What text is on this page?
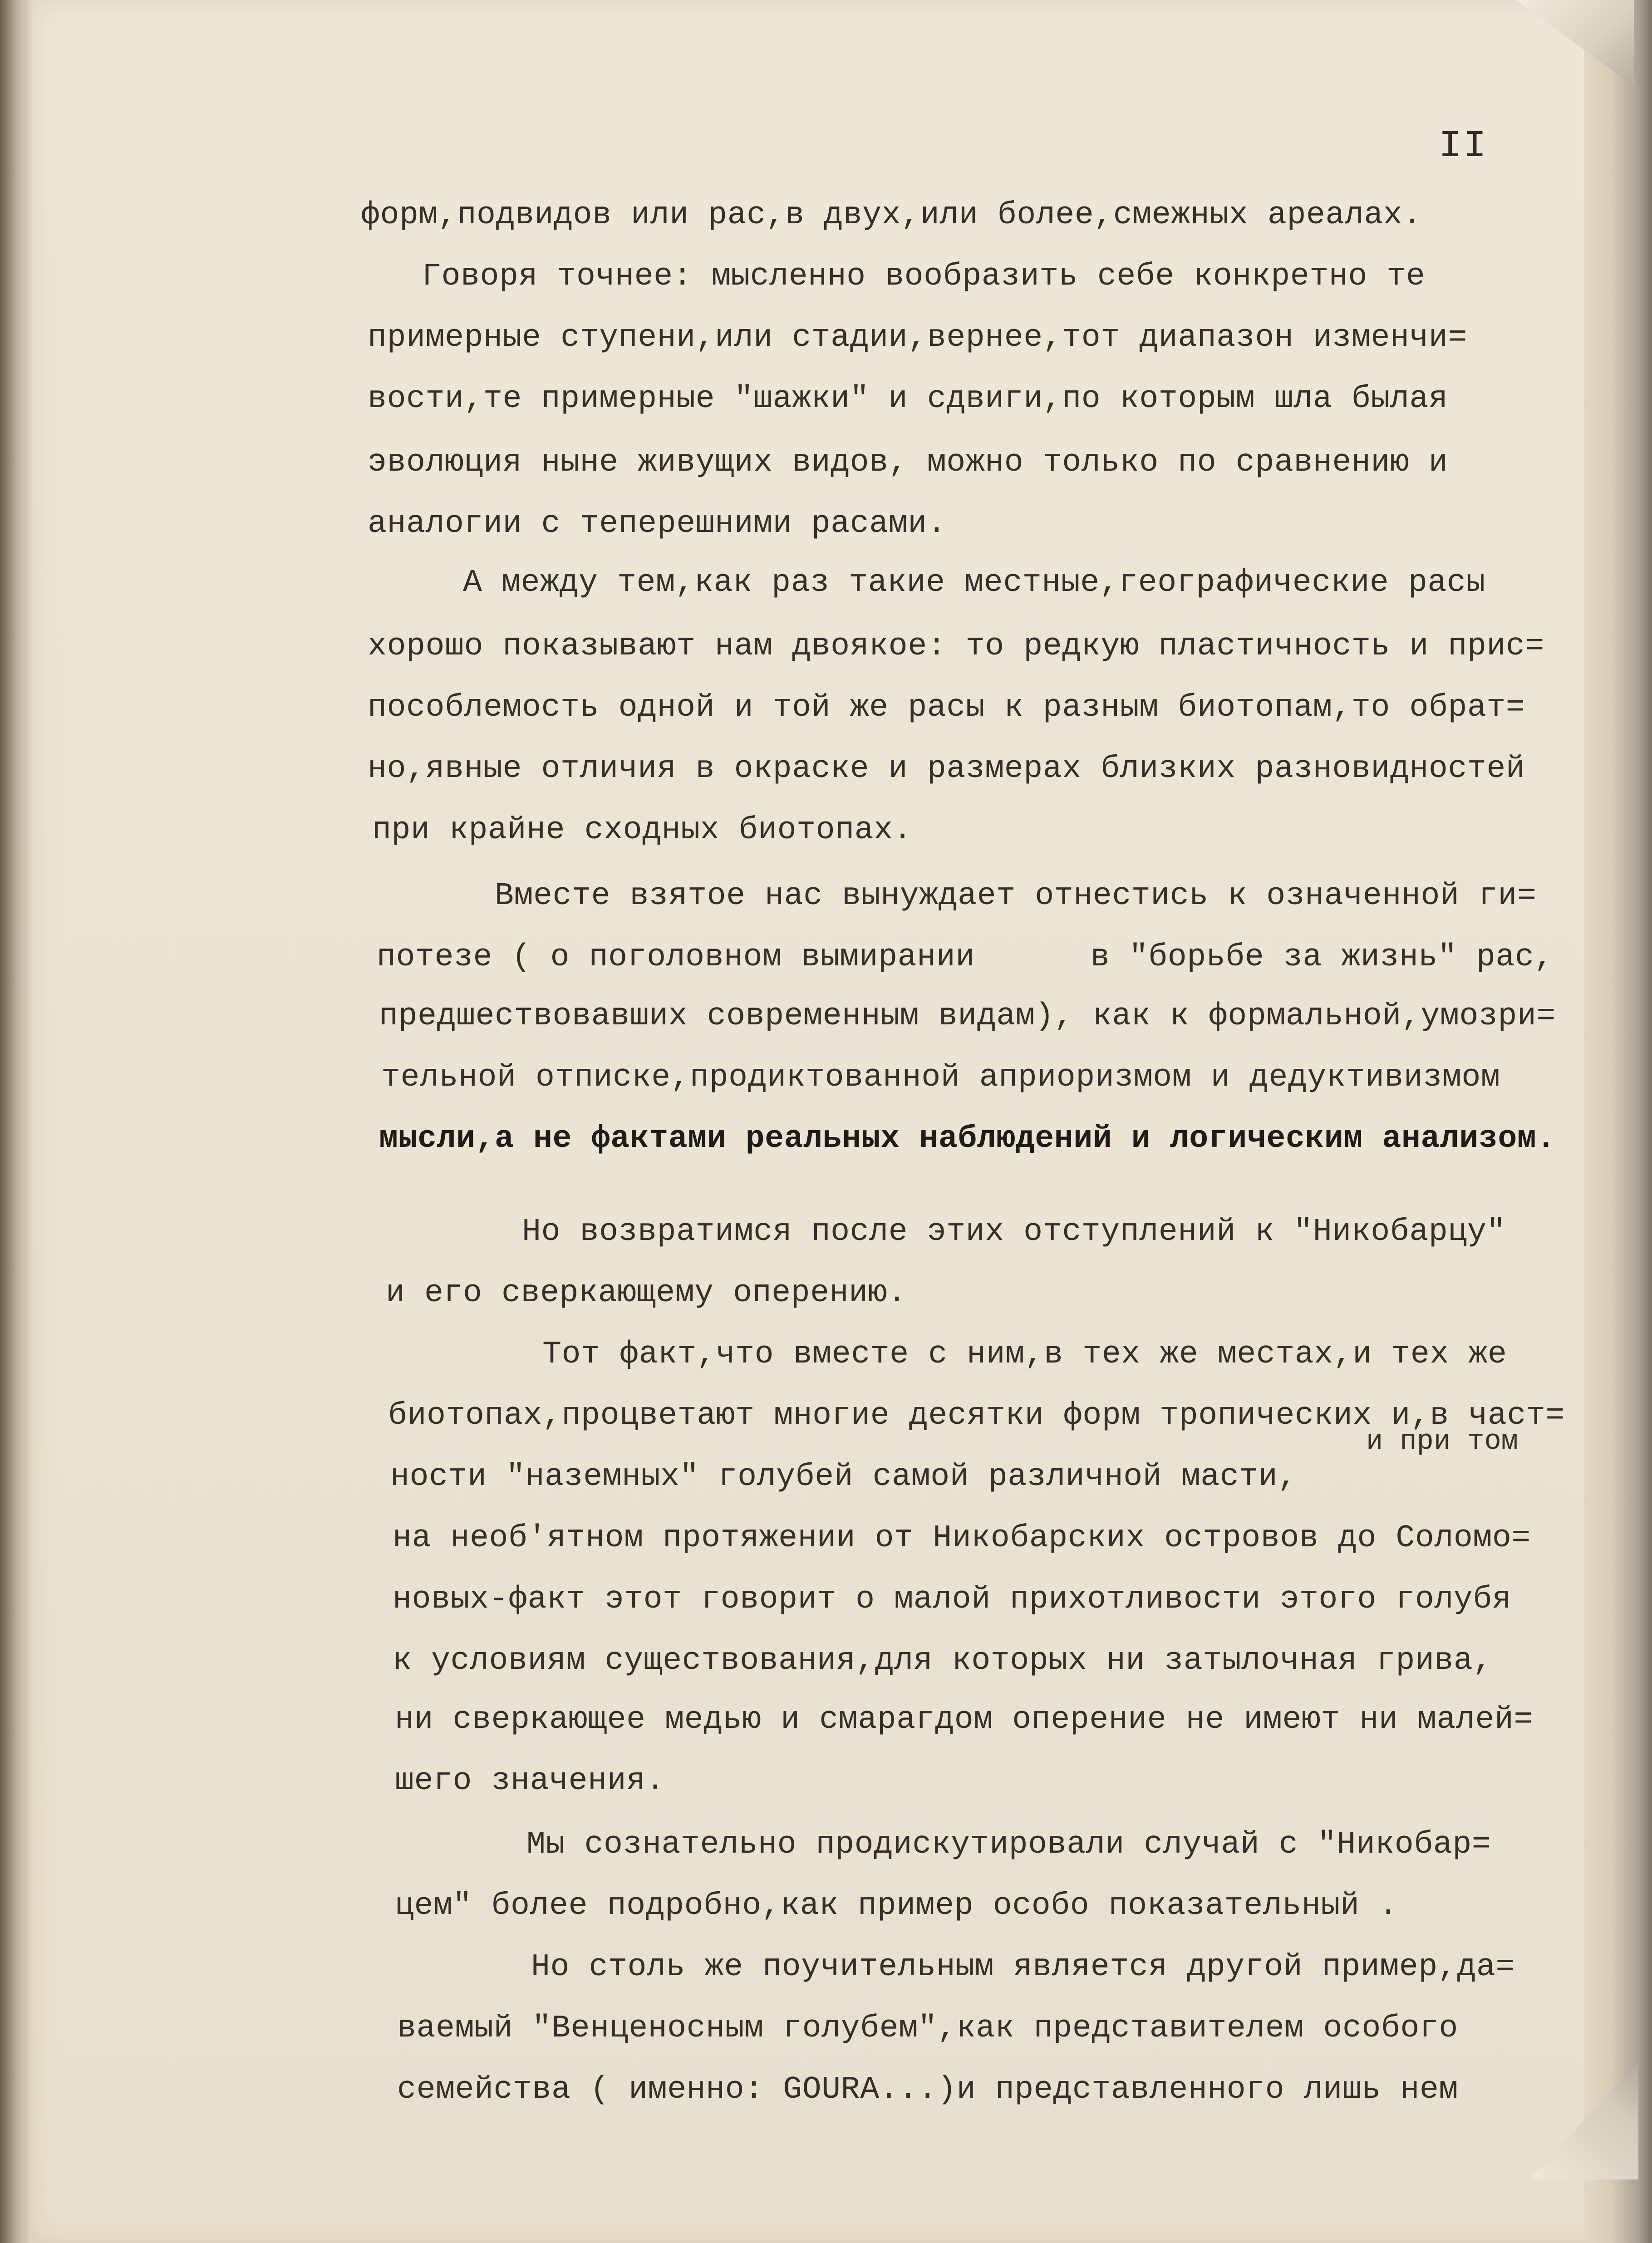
II
форм,подвидов или рас,в двух,или более,смежных ареалах.
Говоря точнее: мысленно вообразить себе конкретно те
примерные ступени,или стадии,вернее,тот диапазон изменчи=
вости,те примерные "шажки" и сдвиги,по которым шла былая
эволюция ныне живущих видов, можно только по сравнению и
аналогии с теперешними расами.
А между тем,как раз такие местные,географические расы
хорошо показывают нам двоякое: то редкую пластичность и прис=
пособлемость одной и той же расы к разным биотопам,то обрат=
но,явные отличия в окраске и размерах близких разновидностей
при крайне сходных биотопах.
Вместе взятое нас вынуждает отнестись к означенной ги=
потезе ( о поголовном вымирании      в "борьбе за жизнь" рас,
предшествовавших современным видам), как к формальной,умозри=
тельной отписке,продиктованной априоризмом и дедуктивизмом
мысли,а не фактами реальных наблюдений и логическим анализом.
Но возвратимся после этих отступлений к "Никобарцу"
и его сверкающему оперению.
Тот факт,что вместе с ним,в тех же местах,и тех же
биотопах,процветают многие десятки форм тропических и,в част=
и при том
ности "наземных" голубей самой различной масти,
на необ'ятном протяжении от Никобарских островов до Соломо=
новых-факт этот говорит о малой прихотливости этого голубя
к условиям существования,для которых ни затылочная грива,
ни сверкающее медью и смарагдом оперение не имеют ни малей=
шего значения.
Мы сознательно продискутировали случай с "Никобар=
цем" более подробно,как пример особо показательный .
Но столь же поучительным является другой пример,да=
ваемый "Венценосным голубем",как представителем особого
семейства ( именно: GOURA...)и представленного лишь нем
